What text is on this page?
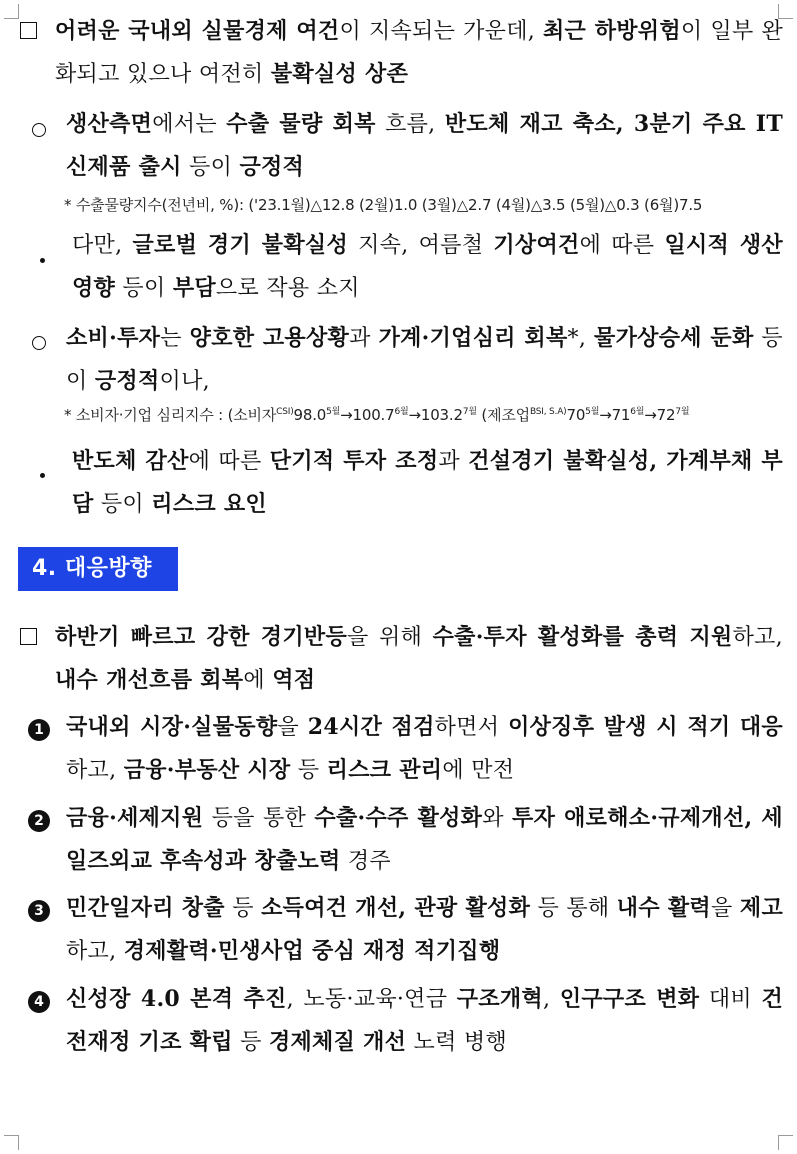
어려운 국내외 실물경제 여건이 지속되는 가운데, 최근 하방위험이 일부 완화되고 있으나 여전히 불확실성 상존
생산측면에서는 수출 물량 회복 흐름, 반도체 재고 축소, 3분기 주요 IT 신제품 출시 등이 긍정적
* 수출물량지수(전년비, %): ('23.1월)△12.8 (2월)1.0 (3월)△2.7 (4월)△3.5 (5월)△0.3 (6월)7.5
다만, 글로벌 경기 불확실성 지속, 여름철 기상여건에 따른 일시적 생산 영향 등이 부담으로 작용 소지
소비·투자는 양호한 고용상황과 가계·기업심리 회복*, 물가상승세 둔화 등이 긍정적이나,
* 소비자·기업 심리지수 : (소비자$^{CSI)}98.0^{5월}\to 100.7^{6월}\to 103.2^{7월}$ (제조업$^{BSI, S.A)}70^{5월}\to 71^{6월}\to 72^{7월}$
반도체 감산에 따른 단기적 투자 조정과 건설경기 불확실성, 가계부채 부담 등이 리스크 요인
4. 대응방향
하반기 빠르고 강한 경기반등을 위해 수출·투자 활성화를 총력 지원하고, 내수 개선흐름 회복에 역점
1 국내외 시장·실물동향을 24시간 점검하면서 이상징후 발생 시 적기 대응하고, 금융·부동산 시장 등 리스크 관리에 만전
2 금융·세제지원 등을 통한 수출·수주 활성화와 투자 애로해소·규제개선, 세일즈외교 후속성과 창출노력 경주
3 민간일자리 창출 등 소득여건 개선, 관광 활성화 등 통해 내수 활력을 제고하고, 경제활력·민생사업 중심 재정 적기집행
4 신성장 4.0 본격 추진, 노동·교육·연금 구조개혁, 인구구조 변화 대비 건전재정 기조 확립 등 경제체질 개선 노력 병행
